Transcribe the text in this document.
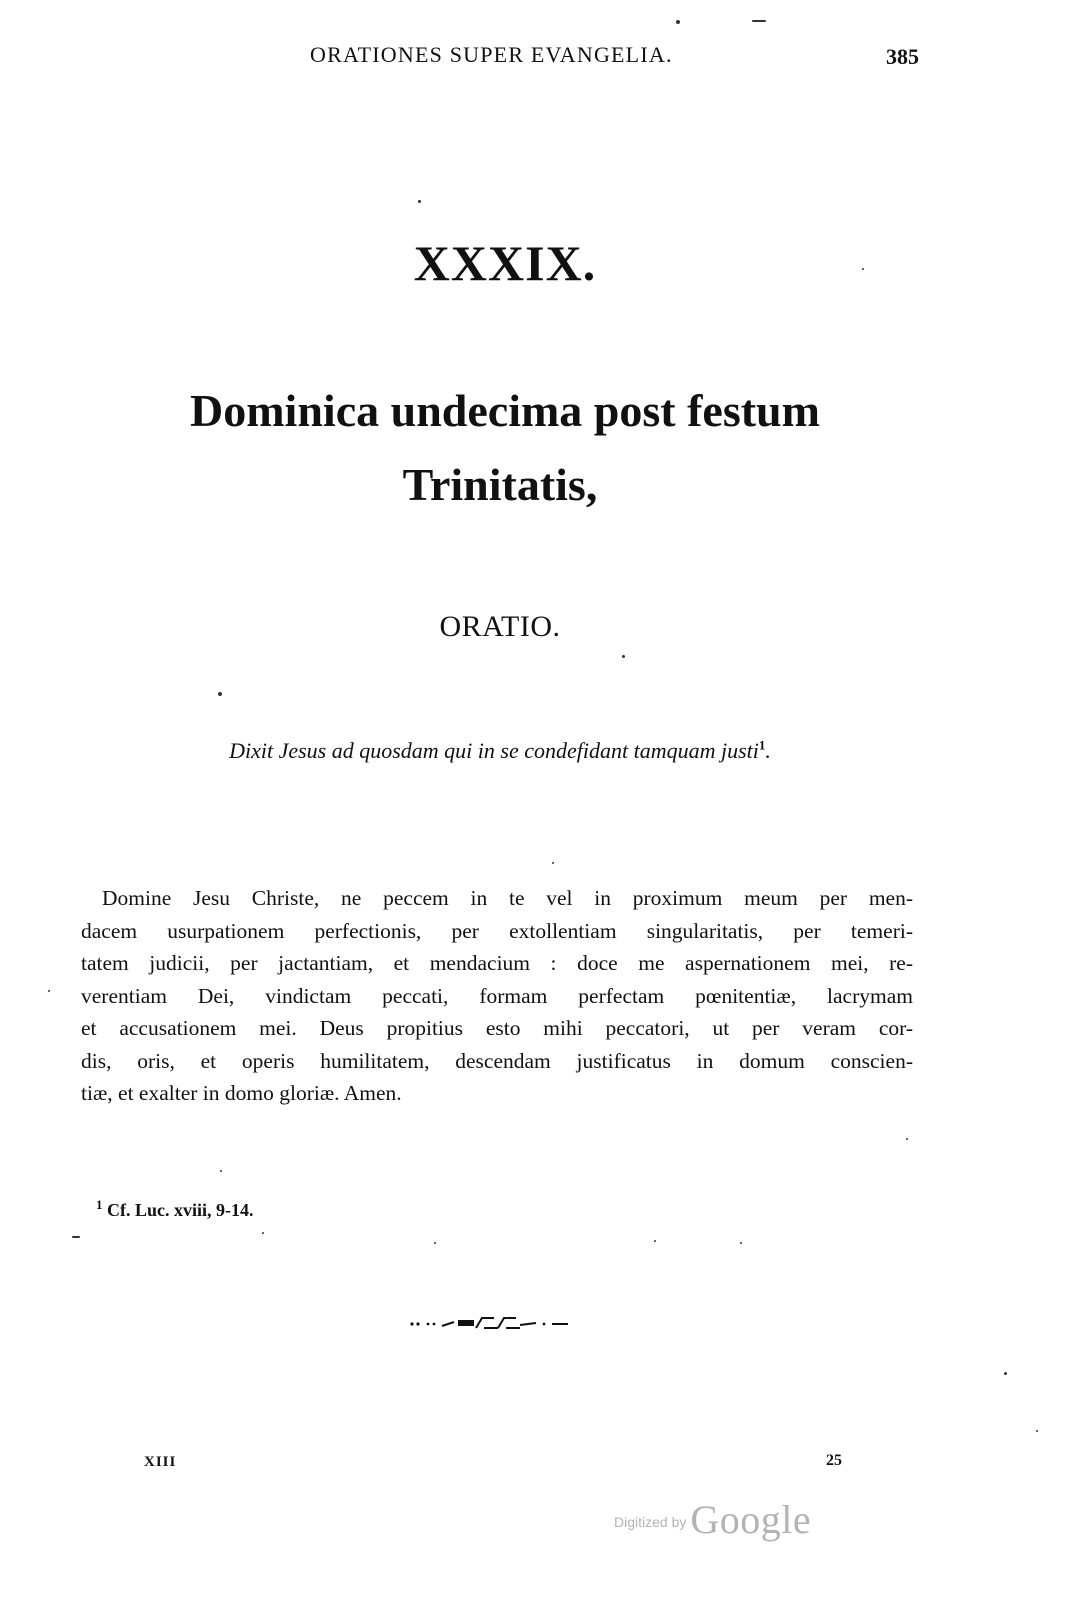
ORATIONES SUPER EVANGELIA.	385
XXXIX.
Dominica undecima post festum
Trinitatis,
ORATIO.
Dixit Jesus ad quosdam qui in se condefidant tamquam justi$^1$.
Domine Jesu Christe, ne peccem in te vel in proximum meum per men-
dacem usurpationem perfectionis, per extollentiam singularitatis, per temeri-
tatem judicii, per jactantiam, et mendacium : doce me aspernationem mei, re-
verentiam Dei, vindictam peccati, formam perfectam pœnitentiæ, lacrymam
et accusationem mei. Deus propitius esto mihi peccatori, ut per veram cor-
dis, oris, et operis humilitatem, descendam justificatus in domum conscien-
tiæ, et exalter in domo gloriæ. Amen.
$^1$ Cf. Luc. xviii, 9-14.
XIII	25
Digitized by Google
